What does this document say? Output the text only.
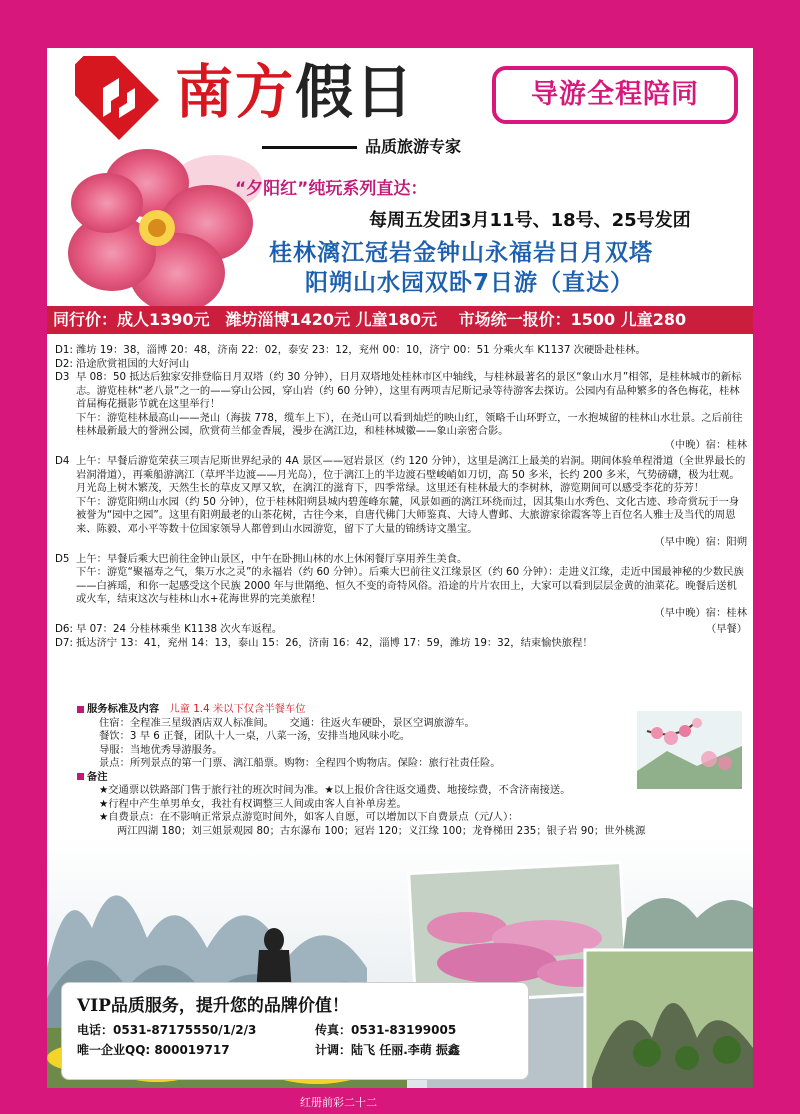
南方假日	导游全程陪同
品质旅游专家
“夕阳红”纯玩系列直达：
每周五发团3月11号、18号、25号发团
桂林漓江冠岩金钟山永福岩日月双塔
阳朔山水园双卧7日游（直达）
同行价：成人1390元　潍坊淄博1420元 儿童180元　 市场统一报价：1500 儿童280
D1: 潍坊 19：38，淄博 20：48，济南 22：02，泰安 23：12，兖州 00：10，济宁 00：51 分乘火车 K1137 次硬卧赴桂林。
D2: 沿途欣赏祖国的大好河山
D3 早 08：50 抵达后独家安排登临日月双塔（约 30 分钟），日月双塔地处桂林市区中轴线，与桂林最著名的景区“象山水月”相邻，是桂林城市的新标志。游览桂林“老八景”之一的——穿山公园，穿山岩（约 60 分钟），这里有两项吉尼斯记录等待游客去探访。公园内有品种繁多的各色梅花，桂林首届梅花摄影节就在这里举行！
下午：游览桂林最高山——尧山（海拔 778，缆车上下），在尧山可以看到灿烂的映山红，领略千山环野立，一水抱城留的桂林山水壮景。之后前往桂林最新最大的誉洲公园，欣赏荷兰郁金香展，漫步在漓江边，和桂林城徽——象山亲密合影。
（中晚）宿：桂林
D4 上午：早餐后游览荣获三项吉尼斯世界纪录的 4A 景区——冠岩景区（约 120 分钟），这里是漓江上最美的岩洞。期间体验单程滑道（全世界最长的岩洞滑道），再乘船游漓江（草坪半边渡——月光岛），位于漓江上的半边渡石壁峻峭如刀切，高 50 多米，长约 200 多米，气势磅礴，极为壮观。月光岛上树木繁茂，天然生长的草皮又厚又软，在漓江的滋育下，四季常绿。这里还有桂林最大的李树林，游览期间可以感受李花的芬芳！
下午：游览阳朔山水园（约 50 分钟），位于桂林阳朔县城内碧莲峰东麓，风景如画的漓江环绕而过，因其集山水秀色、文化古迹、珍奇赏玩于一身被誉为“园中之园”。这里有阳朔最老的山茶花树，古往今来，自唐代佛门大师鉴真、大诗人曹邺、大旅游家徐霞客等上百位名人雅士及当代的周恩来、陈毅、邓小平等数十位国家领导人都曾到山水园游览，留下了大量的锦绣诗文墨宝。
（早中晚）宿：阳朔
D5 上午：早餐后乘大巴前往金钟山景区，中午在卧拥山林的水上休闲餐厅享用养生美食。
下午：游览“聚福寿之气，集万水之灵”的永福岩（约 60 分钟）。后乘大巴前往义江缘景区（约 60 分钟）：走进义江缘，走近中国最神秘的少数民族——白裤瑶，和你一起感受这个民族 2000 年与世隔绝、恒久不变的奇特风俗。沿途的片片农田上，大家可以看到层层金黄的油菜花。晚餐后送机或火车，结束这次与桂林山水+花海世界的完美旅程！
（早中晚）宿：桂林
D6: 早 07：24 分桂林乘坐 K1138 次火车返程。	（早餐）
D7: 抵达济宁 13：41，兖州 14：13，泰山 15：26，济南 16：42，淄博 17：59，潍坊 19：32，结束愉快旅程！
服务标准及内容　 儿童 1.4 米以下仅含半餐车位
住宿：全程准三星级酒店双人标准间。　　 交通：往返火车硬卧，景区空调旅游车。
餐饮：3 早 6 正餐，团队十人一桌，八菜一汤，安排当地风味小吃。
导服：当地优秀导游服务。
景点：所列景点的第一门票、漓江船票。购物：全程四个购物店。保险：旅行社责任险。
备注
★交通票以铁路部门售于旅行社的班次时间为准。★以上报价含往返交通费、地接综费，不含济南接送。
★行程中产生单男单女，我社有权调整三人间或由客人自补单房差。
★自费景点：在不影响正常景点游览时间外，如客人自愿，可以增加以下自费景点（元/人）：
两江四湖 180；刘三姐景观园 80；古东瀑布 100；冠岩 120；义江缘 100；龙脊梯田 235；银子岩 90；世外桃源
VIP品质服务，提升您的品牌价值！
电话：0531-87175550/1/2/3	传真：0531-83199005
唯一企业QQ: 800019717	计调：陆飞 任丽.李萌 振鑫
红册前彩二十二
